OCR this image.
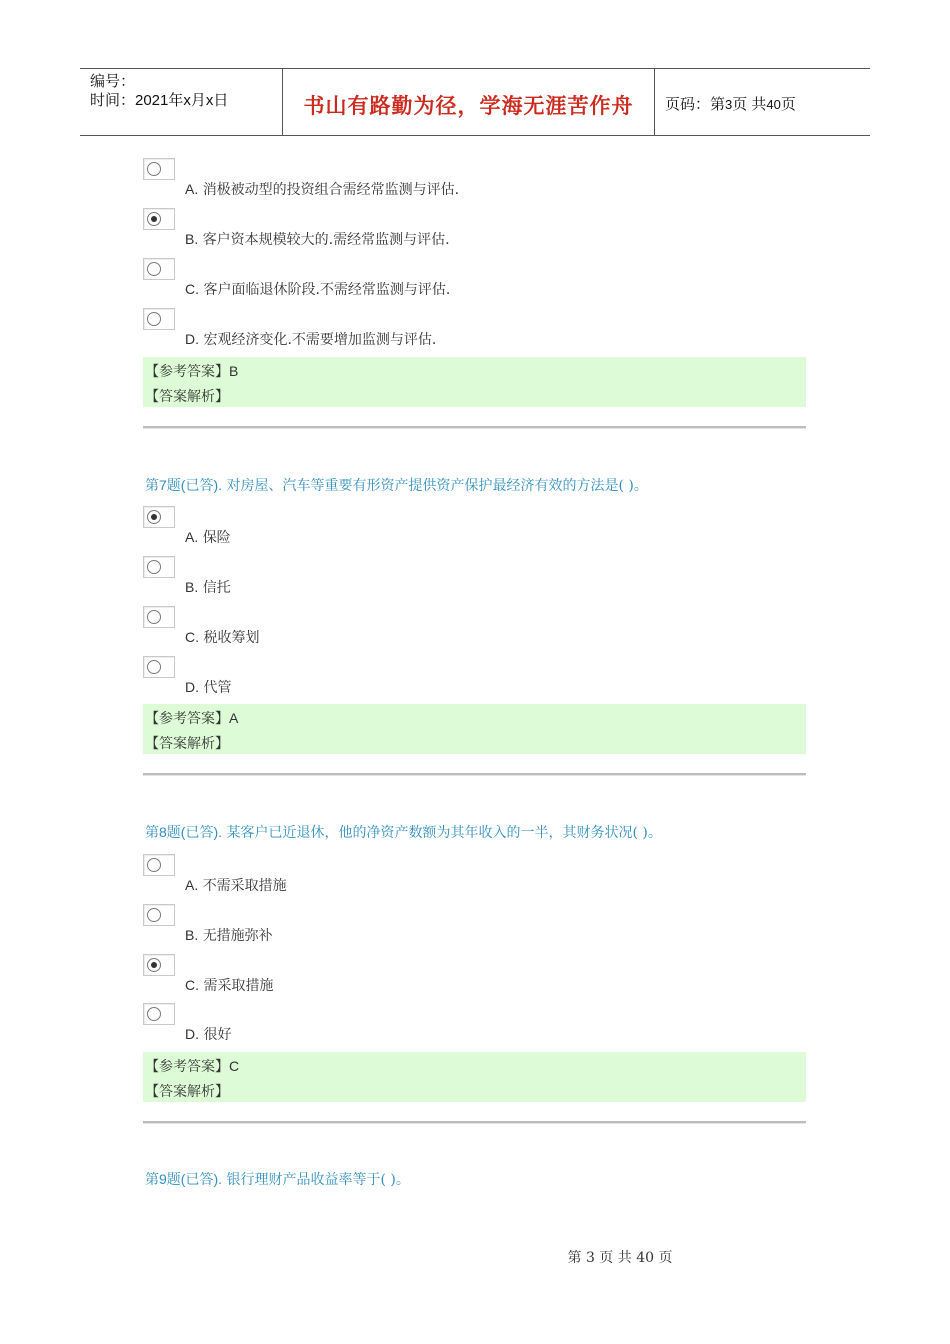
编号：
时间：2021年x月x日	书山有路勤为径，学海无涯苦作舟	页码：第3页 共40页
A. 消极被动型的投资组合需经常监测与评估.
B. 客户资本规模较大的.需经常监测与评估.
C. 客户面临退休阶段.不需经常监测与评估.
D. 宏观经济变化.不需要增加监测与评估.
【参考答案】B
【答案解析】
第7题(已答). 对房屋、汽车等重要有形资产提供资产保护最经济有效的方法是( )。
A. 保险
B. 信托
C. 税收筹划
D. 代管
【参考答案】A
【答案解析】
第8题(已答). 某客户已近退休，他的净资产数额为其年收入的一半，其财务状况( )。
A. 不需采取措施
B. 无措施弥补
C. 需采取措施
D. 很好
【参考答案】C
【答案解析】
第9题(已答). 银行理财产品收益率等于( )。
第 3 页 共 40 页
